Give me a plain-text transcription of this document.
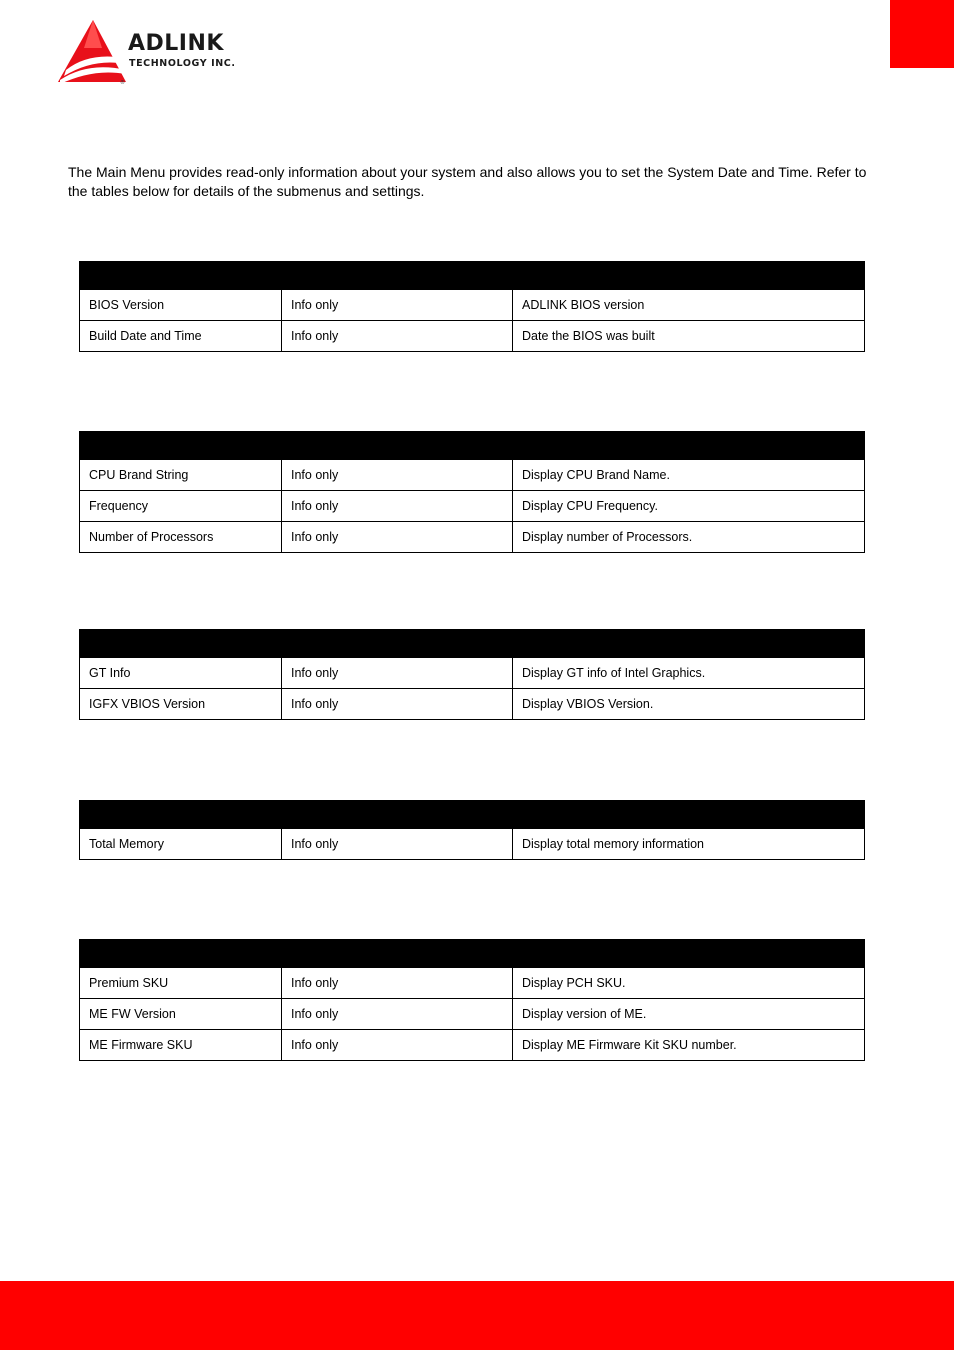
®
ADLINK
TECHNOLOGY INC.

The Main Menu provides read-only information about your system and also allows you to set the System Date and Time. Refer to the tables below for details of the submenus and settings.

BIOS Version	Info only	ADLINK BIOS version
Build Date and Time	Info only	Date the BIOS was built

CPU Brand String	Info only	Display CPU Brand Name.
Frequency	Info only	Display CPU Frequency.
Number of Processors	Info only	Display number of Processors.

GT Info	Info only	Display GT info of Intel Graphics.
IGFX VBIOS Version	Info only	Display VBIOS Version.

Total Memory	Info only	Display total memory information

Premium SKU	Info only	Display PCH SKU.
ME FW Version	Info only	Display version of ME.
ME Firmware SKU	Info only	Display ME Firmware Kit SKU number.
